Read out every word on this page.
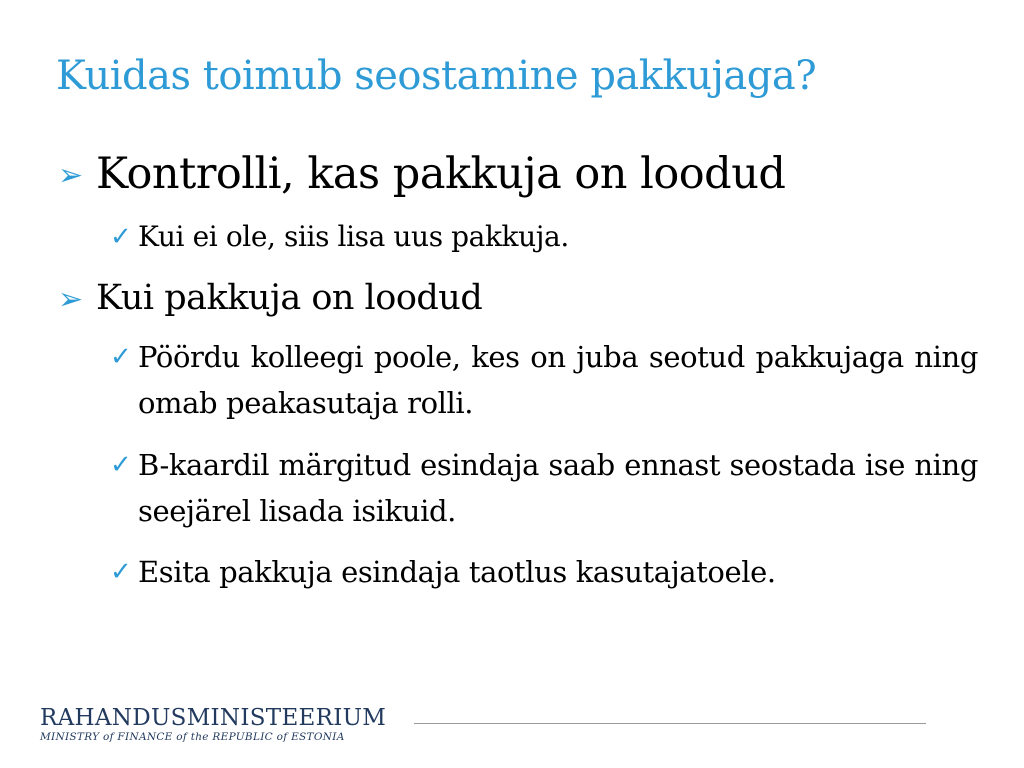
Kuidas toimub seostamine pakkujaga?
➢ Kontrolli, kas pakkuja on loodud
✓ Kui ei ole, siis lisa uus pakkuja.
➢ Kui pakkuja on loodud
✓ Pöördu kolleegi poole, kes on juba seotud pakkujaga ning omab peakasutaja rolli.
✓ B-kaardil märgitud esindaja saab ennast seostada ise ning seejärel lisada isikuid.
✓ Esita pakkuja esindaja taotlus kasutajatoele.
RAHANDUSMINISTEERIUM
MINISTRY of FINANCE of the REPUBLIC of ESTONIA
